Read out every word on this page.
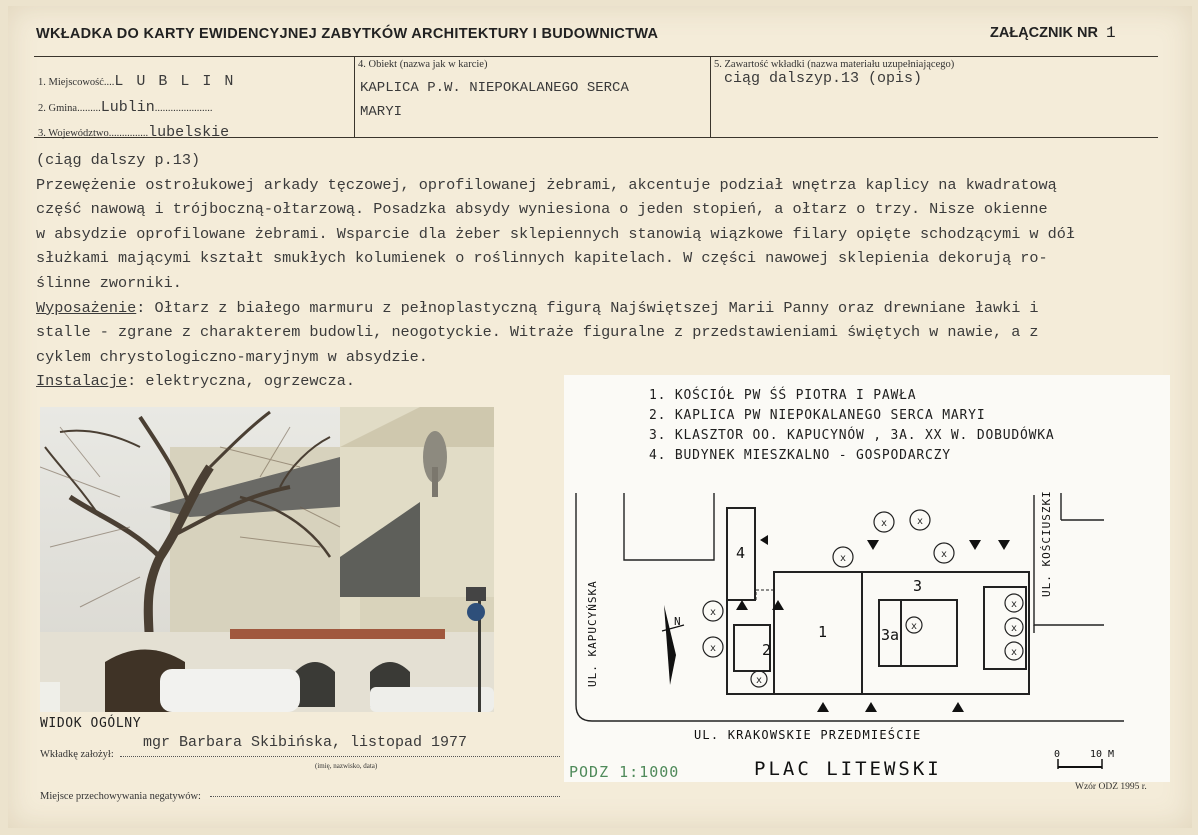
WKŁADKA DO KARTY EWIDENCYJNEJ ZABYTKÓW ARCHITEKTURY I BUDOWNICTWA	ZAŁĄCZNIK NR 1
1. Miejscowość....L U B L I N
2. Gmina.........Lublin......................
3. Województwo...............lubelskie
4. Obiekt (nazwa jak w karcie)
KAPLICA P.W. NIEPOKALANEGO SERCA
MARYI
5. Zawartość wkładki (nazwa materiału uzupełniającego)
ciąg dalszyp.13 (opis)
(ciąg dalszy p.13)
Przewężenie ostrołukowej arkady tęczowej, oprofilowanej żebrami, akcentuje podział wnętrza kaplicy na kwadratową
część nawową i trójboczną-ołtarzową. Posadzka absydy wyniesiona o jeden stopień, a ołtarz o trzy. Nisze okienne
w absydzie oprofilowane żebrami. Wsparcie dla żeber sklepiennych stanowią wiązkowe filary opięte schodzącymi w dół
służkami mającymi kształt smukłych kolumienek o roślinnych kapitelach. W części nawowej sklepienia dekorują ro-
ślinne zworniki.
Wyposażenie: Ołtarz z białego marmuru z pełnoplastyczną figurą Najświętszej Marii Panny oraz drewniane ławki i
stalle - zgrane z charakterem budowli, neogotyckie. Witraże figuralne z przedstawieniami świętych w nawie, a z
cyklem chrystologiczno-maryjnym w absydzie.
Instalacje: elektryczna, ogrzewcza.
WIDOK OGÓLNY
Wkładkę założył:
mgr Barbara Skibińska, listopad 1977
(imię, nazwisko, data)
Miejsce przechowywania negatywów:
Wzór ODZ 1995 r.
1. KOŚCIÓŁ PW ŚŚ PIOTRA I PAWŁA
2. KAPLICA PW NIEPOKALANEGO SERCA MARYI
3. KLASZTOR OO. KAPUCYNÓW , 3A. XX W. DOBUDÓWKA
4. BUDYNEK MIESZKALNO - GOSPODARCZY
4
1
2
3
3a
x	x
x	x
x
x
x
x
x
x
x
N
UL. KAPUCYŃSKA
UL. KOŚCIUSZKI
UL. KRAKOWSKIE PRZEDMIEŚCIE
0	10 M
PODZ 1:1000	PLAC LITEWSKI
